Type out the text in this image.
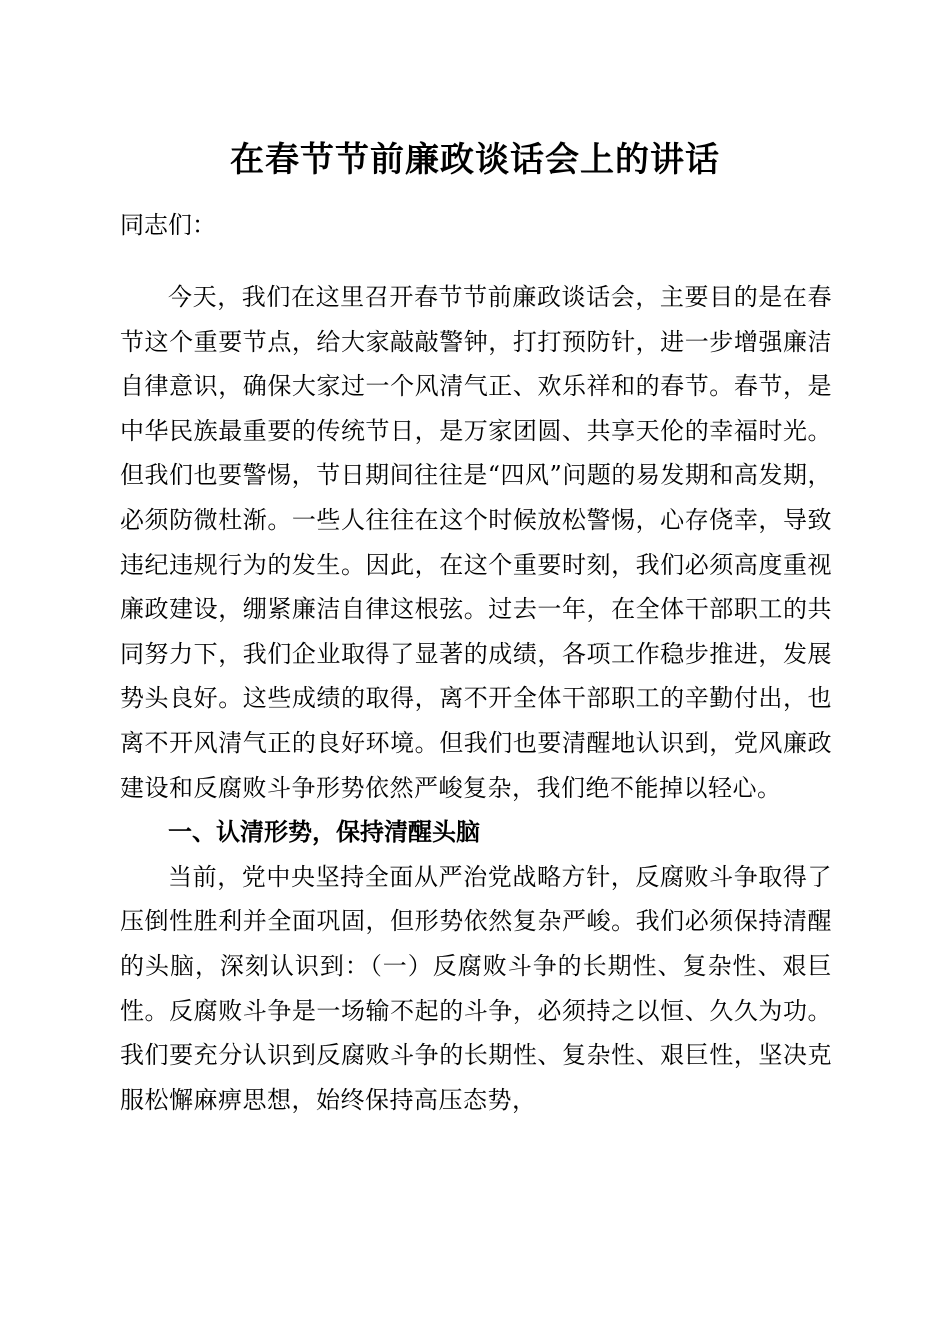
在春节节前廉政谈话会上的讲话
同志们：

今天，我们在这里召开春节节前廉政谈话会，主要目的是在春节这个重要节点，给大家敲敲警钟，打打预防针，进一步增强廉洁自律意识，确保大家过一个风清气正、欢乐祥和的春节。春节，是中华民族最重要的传统节日，是万家团圆、共享天伦的幸福时光。但我们也要警惕，节日期间往往是“四风”问题的易发期和高发期，必须防微杜渐。一些人往往在这个时候放松警惕，心存侥幸，导致违纪违规行为的发生。因此，在这个重要时刻，我们必须高度重视廉政建设，绷紧廉洁自律这根弦。过去一年，在全体干部职工的共同努力下，我们企业取得了显著的成绩，各项工作稳步推进，发展势头良好。这些成绩的取得，离不开全体干部职工的辛勤付出，也离不开风清气正的良好环境。但我们也要清醒地认识到，党风廉政建设和反腐败斗争形势依然严峻复杂，我们绝不能掉以轻心。

一、认清形势，保持清醒头脑

当前，党中央坚持全面从严治党战略方针，反腐败斗争取得了压倒性胜利并全面巩固，但形势依然复杂严峻。我们必须保持清醒的头脑，深刻认识到：（一）反腐败斗争的长期性、复杂性、艰巨性。反腐败斗争是一场输不起的斗争，必须持之以恒、久久为功。我们要充分认识到反腐败斗争的长期性、复杂性、艰巨性，坚决克服松懈麻痹思想，始终保持高压态势，
